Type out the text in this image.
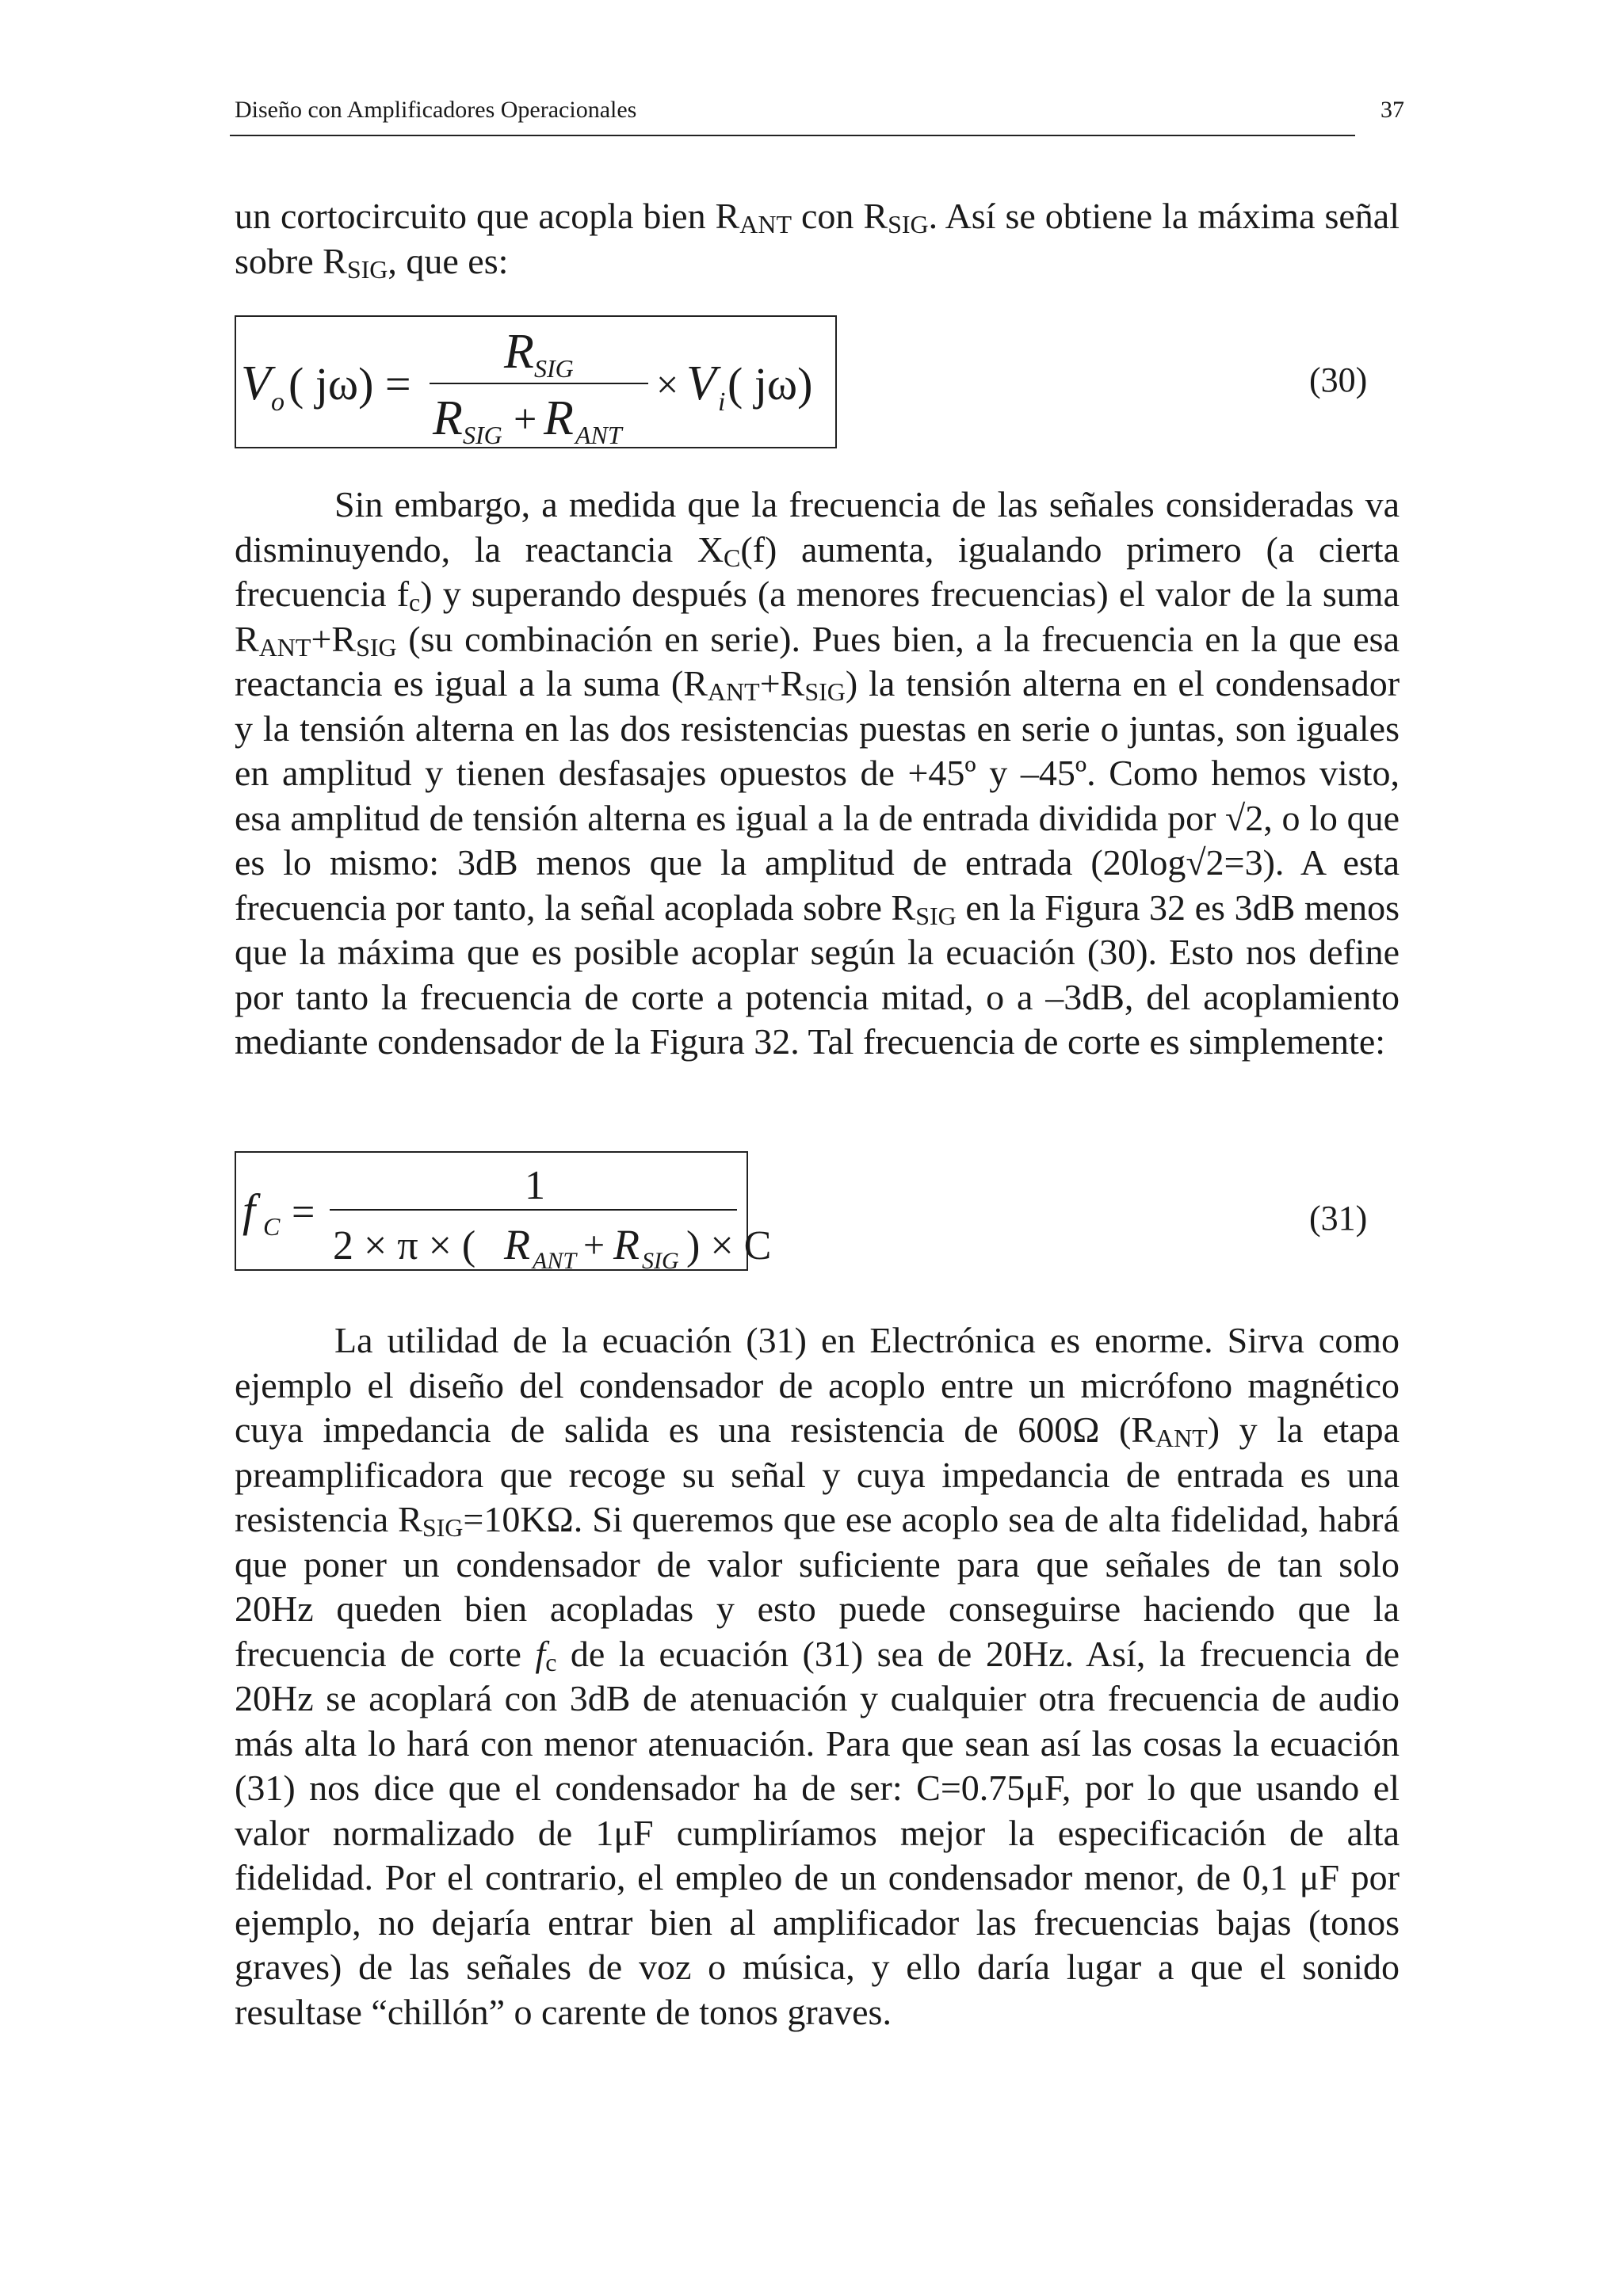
Diseño con Amplificadores Operacionales	37

un cortocircuito que acopla bien $R_{ANT}$ con $R_{SIG}$. Así se obtiene la máxima señal sobre $R_{SIG}$, que es:

V o ( jω) =
R SIG
R SIG R ANT
+
× V i ( jω)	(30)

Sin embargo, a medida que la frecuencia de las señales consideradas va disminuyendo, la reactancia $X_C(f)$ aumenta, igualando primero (a cierta frecuencia $f_c$) y superando después (a menores frecuencias) el valor de la suma $R_{ANT}+R_{SIG}$ (su combinación en serie). Pues bien, a la frecuencia en la que esa reactancia es igual a la suma $(R_{ANT}+R_{SIG})$ la tensión alterna en el condensador y la tensión alterna en las dos resistencias puestas en serie o juntas, son iguales en amplitud y tienen desfasajes opuestos de +45º y –45º. Como hemos visto, esa amplitud de tensión alterna es igual a la de entrada dividida por √2, o lo que es lo mismo: 3dB menos que la amplitud de entrada (20log√2=3). A esta frecuencia por tanto, la señal acoplada sobre $R_{SIG}$ en la Figura 32 es 3dB menos que la máxima que es posible acoplar según la ecuación (30). Esto nos define por tanto la frecuencia de corte a potencia mitad, o a –3dB, del acoplamiento mediante condensador de la Figura 32. Tal frecuencia de corte es simplemente:

f C =
1
2 × π × ( R ANT R SIG
+ ) × C
(31)

La utilidad de la ecuación (31) en Electrónica es enorme. Sirva como ejemplo el diseño del condensador de acoplo entre un micrófono magnético cuya impedancia de salida es una resistencia de 600Ω $(R_{ANT})$ y la etapa preamplificadora que recoge su señal y cuya impedancia de entrada es una resistencia $R_{SIG}=10K\Omega$. Si queremos que ese acoplo sea de alta fidelidad, habrá que poner un condensador de valor suficiente para que señales de tan solo 20Hz queden bien acopladas y esto puede conseguirse haciendo que la frecuencia de corte $f_c$ de la ecuación (31) sea de 20Hz. Así, la frecuencia de 20Hz se acoplará con 3dB de atenuación y cualquier otra frecuencia de audio más alta lo hará con menor atenuación. Para que sean así las cosas la ecuación (31) nos dice que el condensador ha de ser: C=0.75μF, por lo que usando el valor normalizado de 1μF cumpliríamos mejor la especificación de alta fidelidad. Por el contrario, el empleo de un condensador menor, de 0,1 μF por ejemplo, no dejaría entrar bien al amplificador las frecuencias bajas (tonos graves) de las señales de voz o música, y ello daría lugar a que el sonido resultase “chillón” o carente de tonos graves.
